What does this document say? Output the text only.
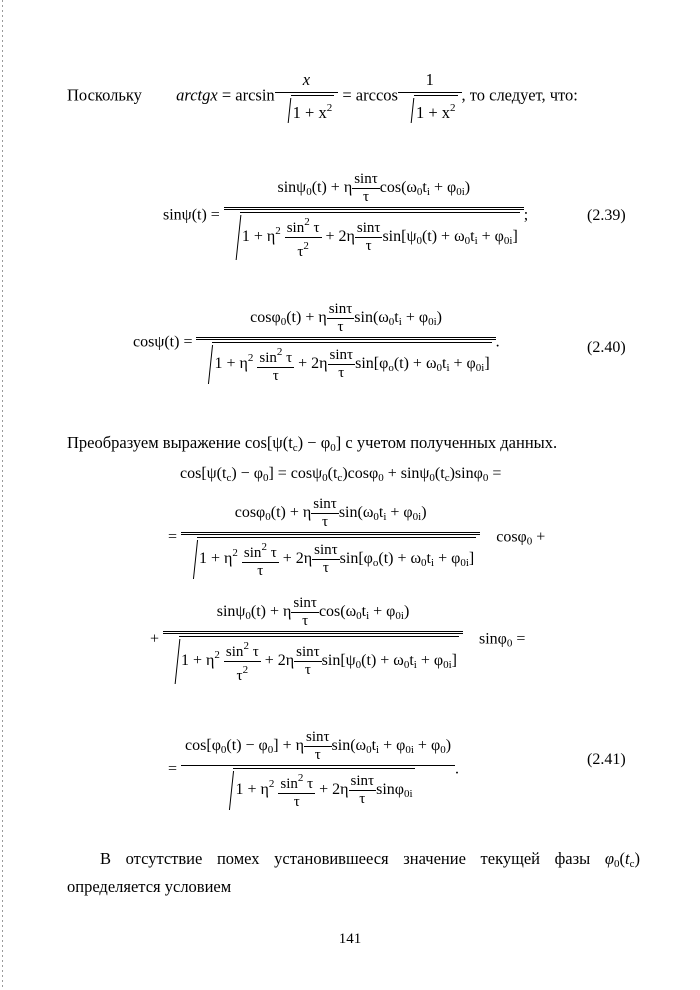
Поскольку arctgx = $\arcsin \frac{x}{1 + x^2} = \arccos \frac{1}{1 + x^2}$ , то следует, что:
$\sin\psi(t) = \frac{\sin\psi_0(t) + \eta \frac{\sin\tau}{\tau} \cos(\omega_0t_i + \varphi_{0i})}{1 + \eta^2 \frac{\sin^2 \tau}{\tau^2} + 2\eta \frac{\sin\tau}{\tau} \sin[\psi_0(t) + \omega_0t_i + \varphi_{0i}]}$ ;	(2.39)
$\cos\psi(t) = \frac{\cos\varphi_0(t) + \eta \frac{\sin\tau}{\tau} \sin(\omega_0t_i + \varphi_{0i})}{1 + \eta^2 \frac{\sin^2 \tau}{\tau} + 2\eta \frac{\sin\tau}{\tau} \sin[\varphi_o(t) + \omega_0t_i + \varphi_{0i}]}$ .	(2.40)
Преобразуем выражение $\cos[\psi(t_c) - \varphi_0]$ с учетом полученных данных.
$\cos[\psi(t_c) - \varphi_0] = \cos\psi_0(t_c)\cos\varphi_0 + \sin\psi_0(t_c)\sin\varphi_0$ =
= $\frac{\cos\varphi_0(t) + \eta \frac{\sin\tau}{\tau} \sin(\omega_0t_i + \varphi_{0i})}{1 + \eta^2 \frac{\sin^2 \tau}{\tau} + 2\eta \frac{\sin\tau}{\tau} \sin[\varphi_o(t) + \omega_0t_i + \varphi_{0i}]} \cos\varphi_0$ +
+ $\frac{\sin\psi_0(t) + \eta \frac{\sin\tau}{\tau} \cos(\omega_0t_i + \varphi_{0i})}{1 + \eta^2 \frac{\sin^2 \tau}{\tau^2} + 2\eta \frac{\sin\tau}{\tau} \sin[\psi_0(t) + \omega_0t_i + \varphi_{0i}]} \sin\varphi_0$ =
= $\frac{\cos[\varphi_0(t) - \varphi_0] + \eta \frac{\sin\tau}{\tau} \sin(\omega_0t_i + \varphi_{0i} + \varphi_0)}{1 + \eta^2 \frac{\sin^2 \tau}{\tau} + 2\eta \frac{\sin\tau}{\tau} \sin\varphi_{0i}}$ .
(2.41)
В отсутствие помех установившееся значение текущей фазы $\varphi_0(t_c)$
определяется условием
141
